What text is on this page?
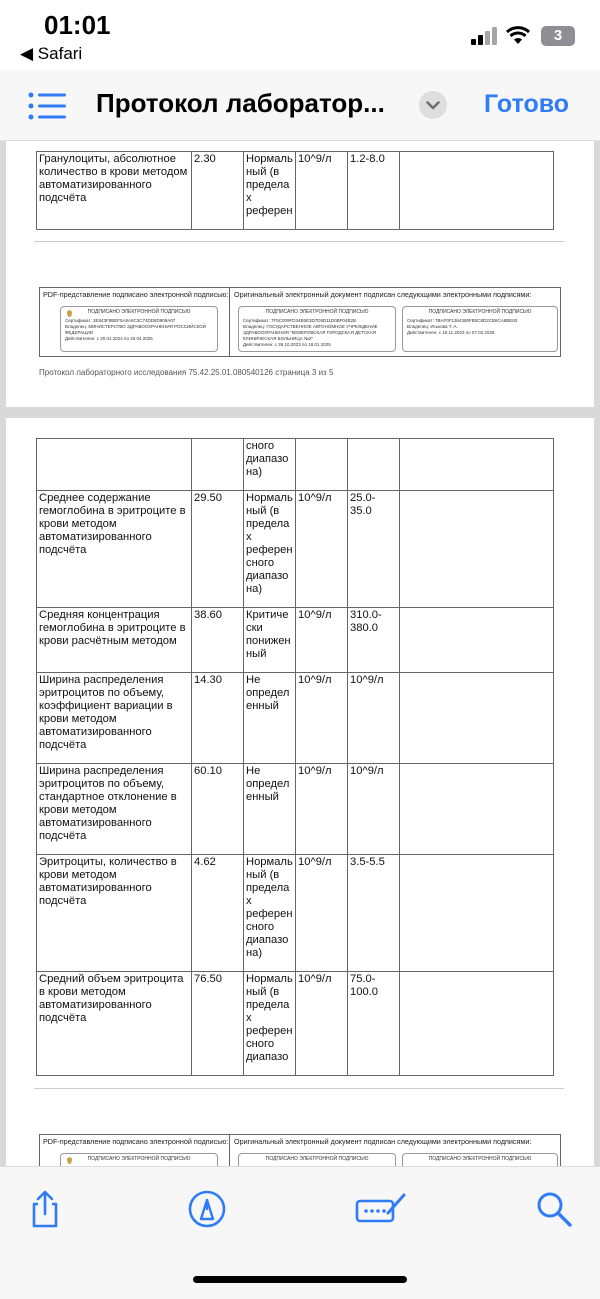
01:01
◀ Safari
3
Протокол лаборатор...	Готово
Гранулоциты, абсолютное количество в крови методом автоматизированного подсчёта	2.30	Нормаль ный (в предела х референ	10^9/л	1.2-8.0	
PDF-представление подписано электронной подписью:
ПОДПИСАНО ЭЛЕКТРОННОЙ ПОДПИСЬЮ
Сертификат: 3E843F8BEF5A8A6C3C74DD8D909A07
Владелец: МИНИСТЕРСТВО ЗДРАВООХРАНЕНИЯ РОССИЙСКОЙ ФЕДЕРАЦИИ
Действителен: с 20.01.2024 по 20.04.2025
Оригинальный электронный документ подписан следующими электронными подписями:
ПОДПИСАНО ЭЛЕКТРОННОЙ ПОДПИСЬЮ
Сертификат: 7F5C009FD34B5E3D7D5D11D0BF04B2B
Владелец: ГОСУДАРСТВЕННОЕ АВТОНОМНОЕ УЧРЕЖДЕНИЕ ЗДРАВООХРАНЕНИЯ "КЕМЕРОВСКАЯ ГОРОДСКАЯ ДЕТСКАЯ КЛИНИЧЕСКАЯ БОЛЬНИЦА №2"
Действителен: с 26.10.2023 по 18.01.2025
ПОДПИСАНО ЭЛЕКТРОННОЙ ПОДПИСЬЮ
Сертификат: 7BAF0F1364380FB0C8D2CB8CA8BE83
Владелец: Иськова Т. А.
Действителен: с 15.11.2023 по 07.02.2025
Протокол лабораторного исследования 75.42.25.01.080540126 страница 3 из 5
		сного диапазо на)			
Среднее содержание гемоглобина в эритроците в крови методом автоматизированного подсчёта	29.50	Нормаль ный (в предела х референ сного диапазо на)	10^9/л	25.0-35.0	
Средняя концентрация гемоглобина в эритроците в крови расчётным методом	38.60	Критиче ски понижен ный	10^9/л	310.0- 380.0	
Ширина распределения эритроцитов по объему, коэффициент вариации в крови методом автоматизированного подсчёта	14.30	Не определ енный	10^9/л	10^9/л	
Ширина распределения эритроцитов по объему, стандартное отклонение в крови методом автоматизированного подсчёта	60.10	Не определ енный	10^9/л	10^9/л	
Эритроциты, количество в крови методом автоматизированного подсчёта	4.62	Нормаль ный (в предела х референ сного диапазо на)	10^9/л	3.5-5.5	
Средний объем эритроцита в крови методом автоматизированного подсчёта	76.50	Нормаль ный (в предела х референ сного диапазо	10^9/л	75.0- 100.0	
PDF-представление подписано электронной подписью:
ПОДПИСАНО ЭЛЕКТРОННОЙ ПОДПИСЬЮ
Оригинальный электронный документ подписан следующими электронными подписями:
ПОДПИСАНО ЭЛЕКТРОННОЙ ПОДПИСЬЮ	ПОДПИСАНО ЭЛЕКТРОННОЙ ПОДПИСЬЮ
